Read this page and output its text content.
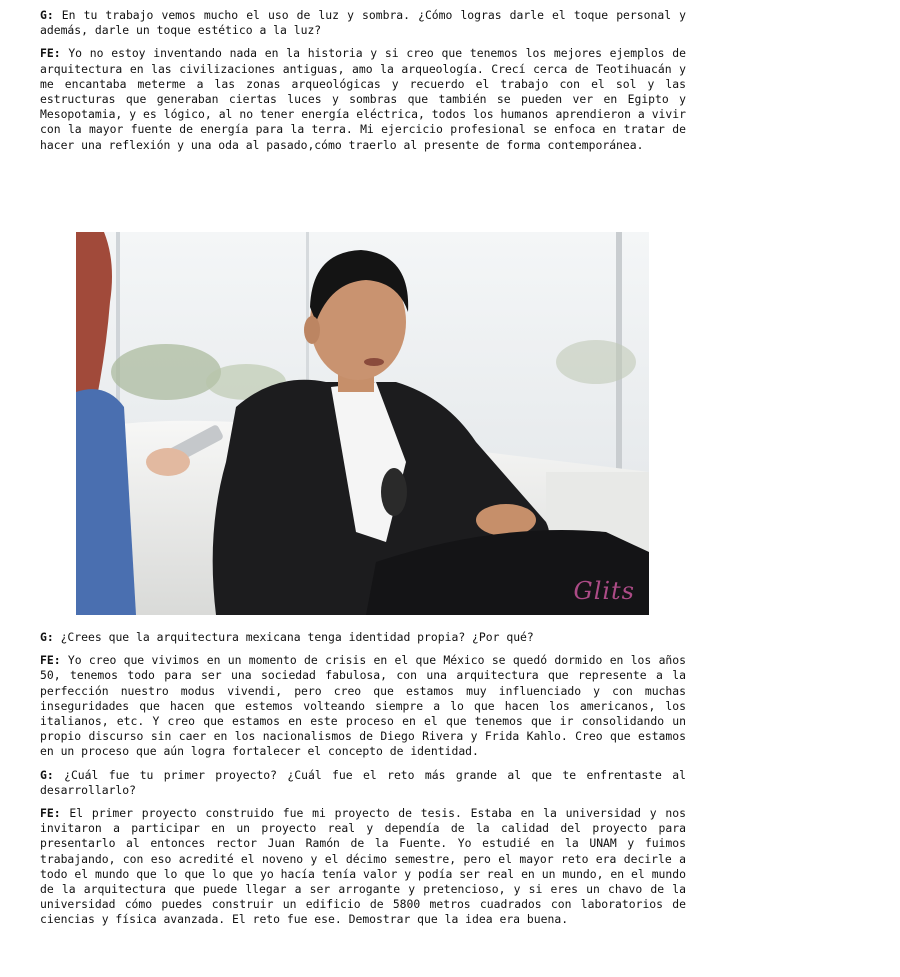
G: En tu trabajo vemos mucho el uso de luz y sombra. ¿Cómo logras darle el toque personal y además, darle un toque estético a la luz?

FE: Yo no estoy inventando nada en la historia y si creo que tenemos los mejores ejemplos de arquitectura en las civilizaciones antiguas, amo la arqueología. Crecí cerca de Teotihuacán y me encantaba meterme a las zonas arqueológicas y recuerdo el trabajo con el sol y las estructuras que generaban ciertas luces y sombras que también se pueden ver en Egipto y Mesopotamia, y es lógico, al no tener energía eléctrica, todos los humanos aprendieron a vivir con la mayor fuente de energía para la terra. Mi ejercicio profesional se enfoca en tratar de hacer una reflexión y una oda al pasado,cómo traerlo al presente de forma contemporánea.

Glits

G: ¿Crees que la arquitectura mexicana tenga identidad propia? ¿Por qué?

FE: Yo creo que vivimos en un momento de crisis en el que México se quedó dormido en los años 50, tenemos todo para ser una sociedad fabulosa, con una arquitectura que represente a la perfección nuestro modus vivendi, pero creo que estamos muy influenciado y con muchas inseguridades que hacen que estemos volteando siempre a lo que hacen los americanos, los italianos, etc. Y creo que estamos en este proceso en el que tenemos que ir consolidando un propio discurso sin caer en los nacionalismos de Diego Rivera y Frida Kahlo. Creo que estamos en un proceso que aún logra fortalecer el concepto de identidad.

G: ¿Cuál fue tu primer proyecto? ¿Cuál fue el reto más grande al que te enfrentaste al desarrollarlo?

FE: El primer proyecto construido fue mi proyecto de tesis. Estaba en la universidad y nos invitaron a participar en un proyecto real y dependía de la calidad del proyecto para presentarlo al entonces rector Juan Ramón de la Fuente. Yo estudié en la UNAM y fuimos trabajando, con eso acredité el noveno y el décimo semestre, pero el mayor reto era decirle a todo el mundo que lo que lo que yo hacía tenía valor y podía ser real en un mundo, en el mundo de la arquitectura que puede llegar a ser arrogante y pretencioso, y si eres un chavo de la universidad cómo puedes construir un edificio de 5800 metros cuadrados con laboratorios de ciencias y física avanzada. El reto fue ese. Demostrar que la idea era buena.
